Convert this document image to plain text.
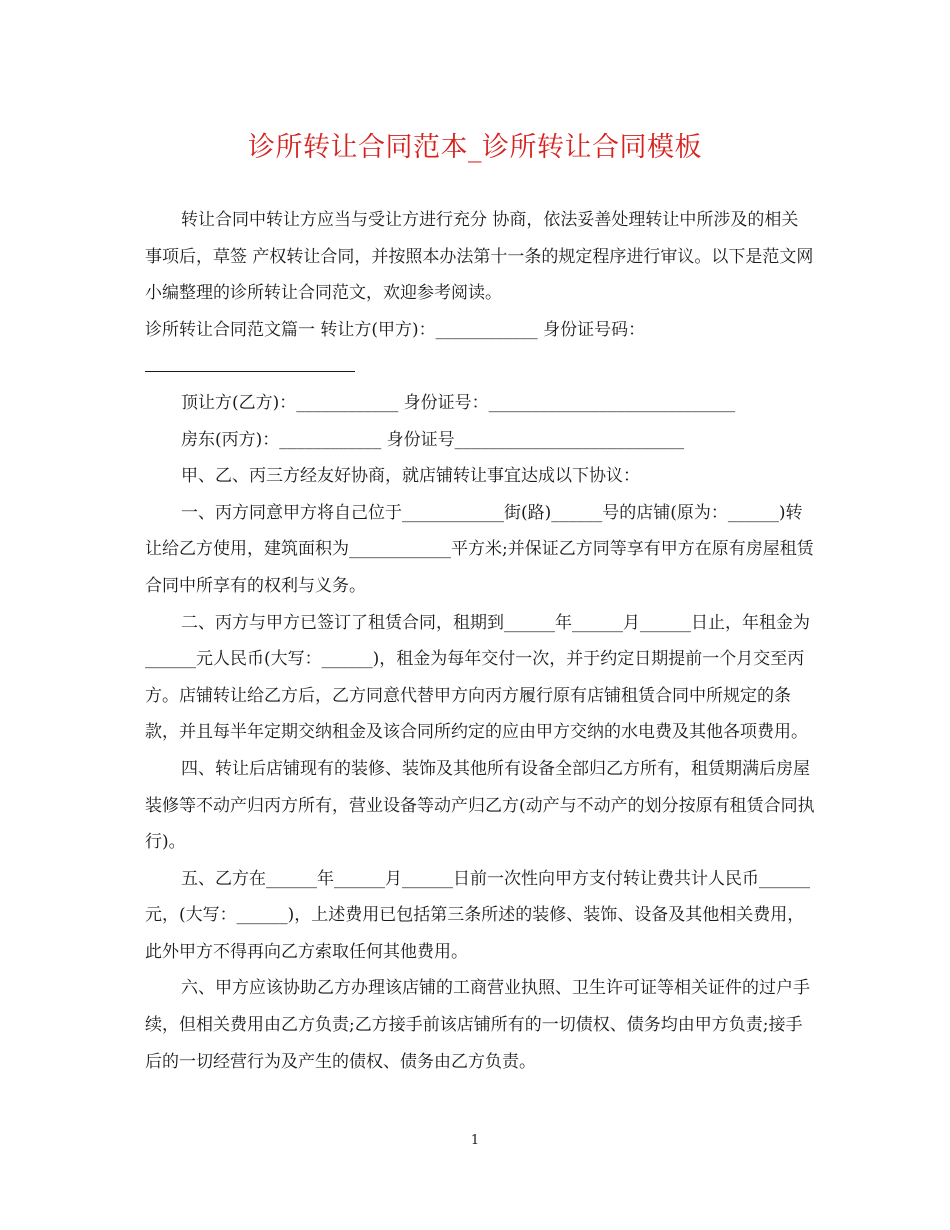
诊所转让合同范本_诊所转让合同模板

转让合同中转让方应当与受让方进行充分 协商，依法妥善处理转让中所涉及的相关事项后，草签 产权转让合同，并按照本办法第十一条的规定程序进行审议。以下是范文网小编整理的诊所转让合同范文，欢迎参考阅读。

诊所转让合同范文篇一 转让方(甲方)：____________ 身份证号码：

顶让方(乙方)：____________ 身份证号：_____________________________

房东(丙方)：____________ 身份证号___________________________

甲、乙、丙三方经友好协商，就店铺转让事宜达成以下协议：

一、丙方同意甲方将自己位于____________街(路)______号的店铺(原为：______)转让给乙方使用，建筑面积为____________平方米;并保证乙方同等享有甲方在原有房屋租赁合同中所享有的权利与义务。

二、丙方与甲方已签订了租赁合同，租期到______年______月______日止，年租金为______元人民币(大写：______)，租金为每年交付一次，并于约定日期提前一个月交至丙方。店铺转让给乙方后，乙方同意代替甲方向丙方履行原有店铺租赁合同中所规定的条款，并且每半年定期交纳租金及该合同所约定的应由甲方交纳的水电费及其他各项费用。

四、转让后店铺现有的装修、装饰及其他所有设备全部归乙方所有，租赁期满后房屋装修等不动产归丙方所有，营业设备等动产归乙方(动产与不动产的划分按原有租赁合同执行)。

五、乙方在______年______月______日前一次性向甲方支付转让费共计人民币______元，(大写：______)，上述费用已包括第三条所述的装修、装饰、设备及其他相关费用，此外甲方不得再向乙方索取任何其他费用。

六、甲方应该协助乙方办理该店铺的工商营业执照、卫生许可证等相关证件的过户手续，但相关费用由乙方负责;乙方接手前该店铺所有的一切债权、债务均由甲方负责;接手后的一切经营行为及产生的债权、债务由乙方负责。

1
